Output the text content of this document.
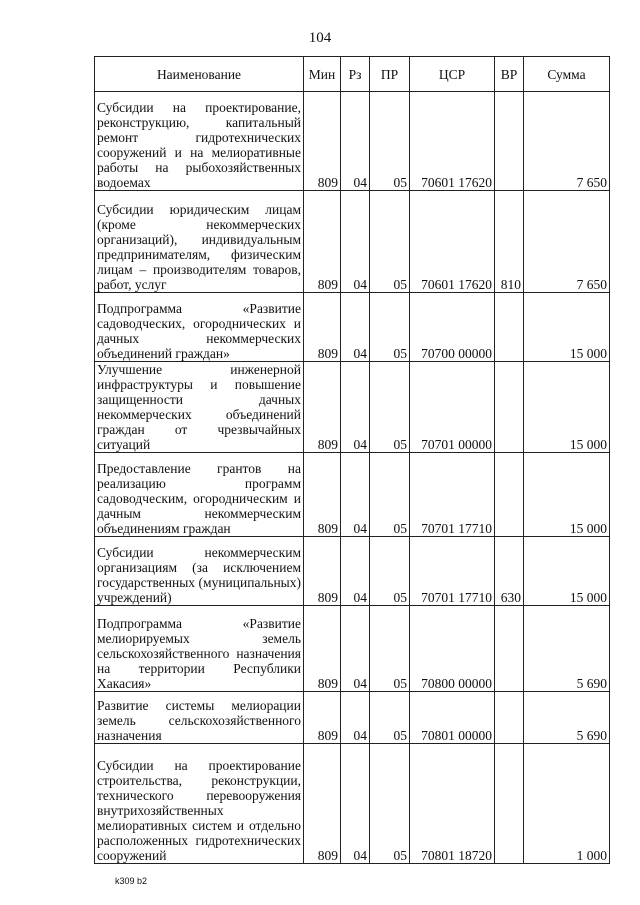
104
Наименование	Мин	Рз	ПР	ЦСР	ВР	Сумма
Субсидии на проектирование, реконструкцию, капитальный ремонт гидротехнических сооружений и на мелиоративные работы на рыбохозяйственных водоемах	809	04	05	70601 17620		7 650
Субсидии юридическим лицам (кроме некоммерческих организаций), индивидуальным предпринимателям, физическим лицам – производителям товаров, работ, услуг	809	04	05	70601 17620	810	7 650
Подпрограмма «Развитие садоводческих, огороднических и дачных некоммерческих объединений граждан»	809	04	05	70700 00000		15 000
Улучшение инженерной инфраструктуры и повышение защищенности дачных некоммерческих объединений граждан от чрезвычайных ситуаций	809	04	05	70701 00000		15 000
Предоставление грантов на реализацию программ садоводческим, огородническим и дачным некоммерческим объединениям граждан	809	04	05	70701 17710		15 000
Субсидии некоммерческим организациям (за исключением государственных (муниципальных) учреждений)	809	04	05	70701 17710	630	15 000
Подпрограмма «Развитие мелиорируемых земель сельскохозяйственного назначения на территории Республики Хакасия»	809	04	05	70800 00000		5 690
Развитие системы мелиорации земель сельскохозяйственного назначения	809	04	05	70801 00000		5 690
Субсидии на проектирование строительства, реконструкции, технического перевооружения внутрихозяйственных мелиоративных систем и отдельно расположенных гидротехнических сооружений	809	04	05	70801 18720		1 000
k309 b2
